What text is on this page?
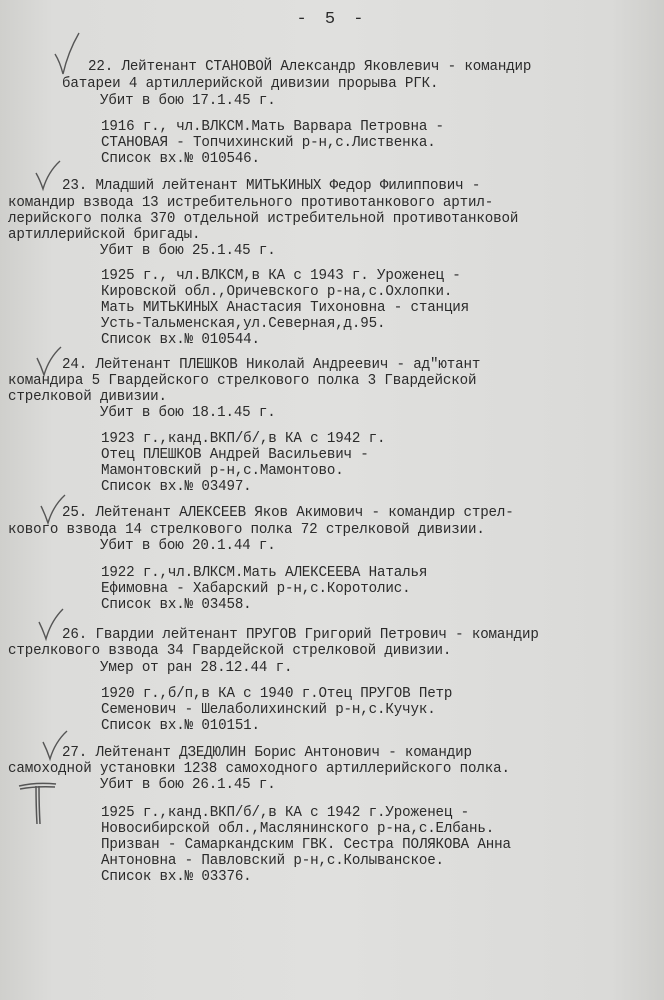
- 5 -
22. Лейтенант СТАНОВОЙ Александр Яковлевич - командир
батареи 4 артиллерийской дивизии прорыва РГК.
Убит в бою 17.1.45 г.
1916 г., чл.ВЛКСМ.Мать Варвара Петровна -
СТАНОВАЯ - Топчихинский р-н,с.Лиственка.
Список вх.№ 010546.
23. Младший лейтенант МИТЬКИНЫХ Федор Филиппович -
командир взвода 13 истребительного противотанкового артил-
лерийского полка 370 отдельной истребительной противотанковой
артиллерийской бригады.
Убит в бою 25.1.45 г.
1925 г., чл.ВЛКСМ,в КА с 1943 г. Уроженец -
Кировской обл.,Оричевского р-на,с.Охлопки.
Мать МИТЬКИНЫХ Анастасия Тихоновна - станция
Усть-Тальменская,ул.Северная,д.95.
Список вх.№ 010544.
24. Лейтенант ПЛЕШКОВ Николай Андреевич - ад"ютант
командира 5 Гвардейского стрелкового полка 3 Гвардейской
стрелковой дивизии.
Убит в бою 18.1.45 г.
1923 г.,канд.ВКП/б/,в КА с 1942 г.
Отец ПЛЕШКОВ Андрей Васильевич -
Мамонтовский р-н,с.Мамонтово.
Список вх.№ 03497.
25. Лейтенант АЛЕКСЕЕВ Яков Акимович - командир стрел-
кового взвода 14 стрелкового полка 72 стрелковой дивизии.
Убит в бою 20.1.44 г.
1922 г.,чл.ВЛКСМ.Мать АЛЕКСЕЕВА Наталья
Ефимовна - Хабарский р-н,с.Коротолис.
Список вх.№ 03458.
26. Гвардии лейтенант ПРУГОВ Григорий Петрович - командир
стрелкового взвода 34 Гвардейской стрелковой дивизии.
Умер от ран 28.12.44 г.
1920 г.,б/п,в КА с 1940 г.Отец ПРУГОВ Петр
Семенович - Шелаболихинский р-н,с.Кучук.
Список вх.№ 010151.
27. Лейтенант ДЗЕДЮЛИН Борис Антонович - командир
самоходной установки 1238 самоходного артиллерийского полка.
Убит в бою 26.1.45 г.
1925 г.,канд.ВКП/б/,в КА с 1942 г.Уроженец -
Новосибирской обл.,Маслянинского р-на,с.Елбань.
Призван - Самаркандским ГВК. Сестра ПОЛЯКОВА Анна
Антоновна - Павловский р-н,с.Колыванское.
Список вх.№ 03376.
